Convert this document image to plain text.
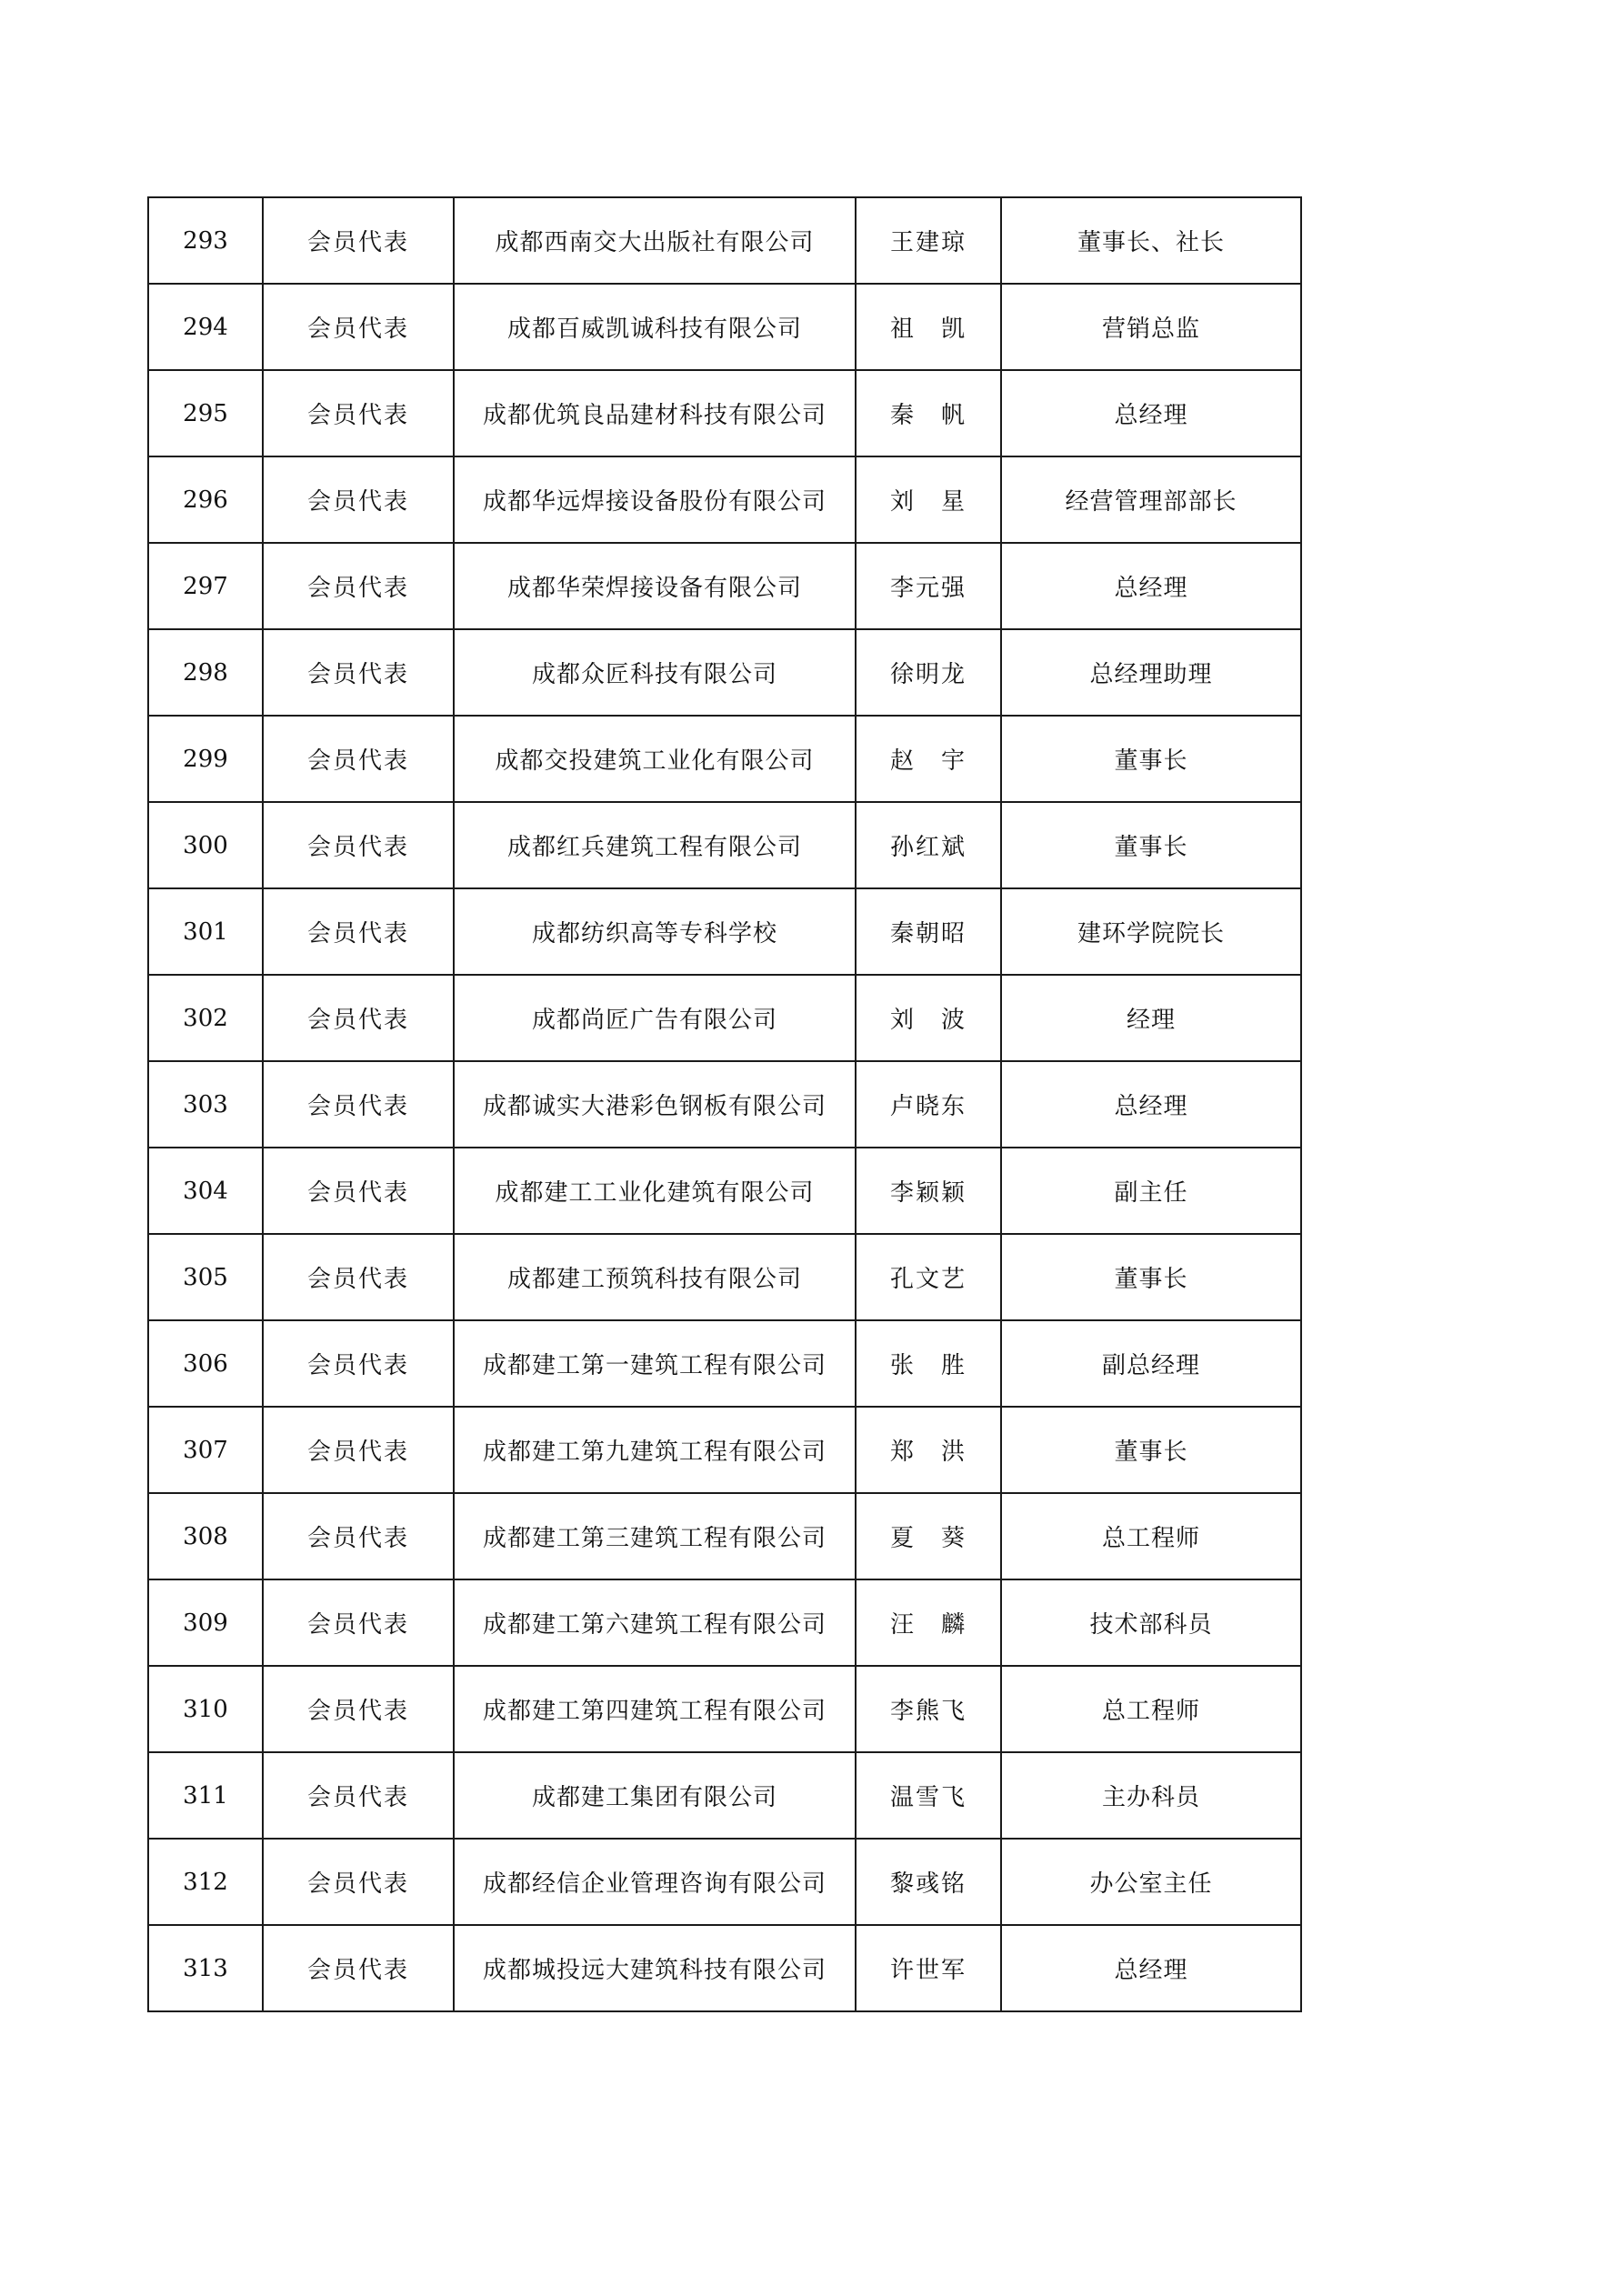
293	会员代表	成都西南交大出版社有限公司	王建琼	董事长、社长
294	会员代表	成都百威凯诚科技有限公司	祖　凯	营销总监
295	会员代表	成都优筑良品建材科技有限公司	秦　帆	总经理
296	会员代表	成都华远焊接设备股份有限公司	刘　星	经营管理部部长
297	会员代表	成都华荣焊接设备有限公司	李元强	总经理
298	会员代表	成都众匠科技有限公司	徐明龙	总经理助理
299	会员代表	成都交投建筑工业化有限公司	赵　宇	董事长
300	会员代表	成都红兵建筑工程有限公司	孙红斌	董事长
301	会员代表	成都纺织高等专科学校	秦朝昭	建环学院院长
302	会员代表	成都尚匠广告有限公司	刘　波	经理
303	会员代表	成都诚实大港彩色钢板有限公司	卢晓东	总经理
304	会员代表	成都建工工业化建筑有限公司	李颖颖	副主任
305	会员代表	成都建工预筑科技有限公司	孔文艺	董事长
306	会员代表	成都建工第一建筑工程有限公司	张　胜	副总经理
307	会员代表	成都建工第九建筑工程有限公司	郑　洪	董事长
308	会员代表	成都建工第三建筑工程有限公司	夏　葵	总工程师
309	会员代表	成都建工第六建筑工程有限公司	汪　麟	技术部科员
310	会员代表	成都建工第四建筑工程有限公司	李熊飞	总工程师
311	会员代表	成都建工集团有限公司	温雪飞	主办科员
312	会员代表	成都经信企业管理咨询有限公司	黎彧铭	办公室主任
313	会员代表	成都城投远大建筑科技有限公司	许世军	总经理
